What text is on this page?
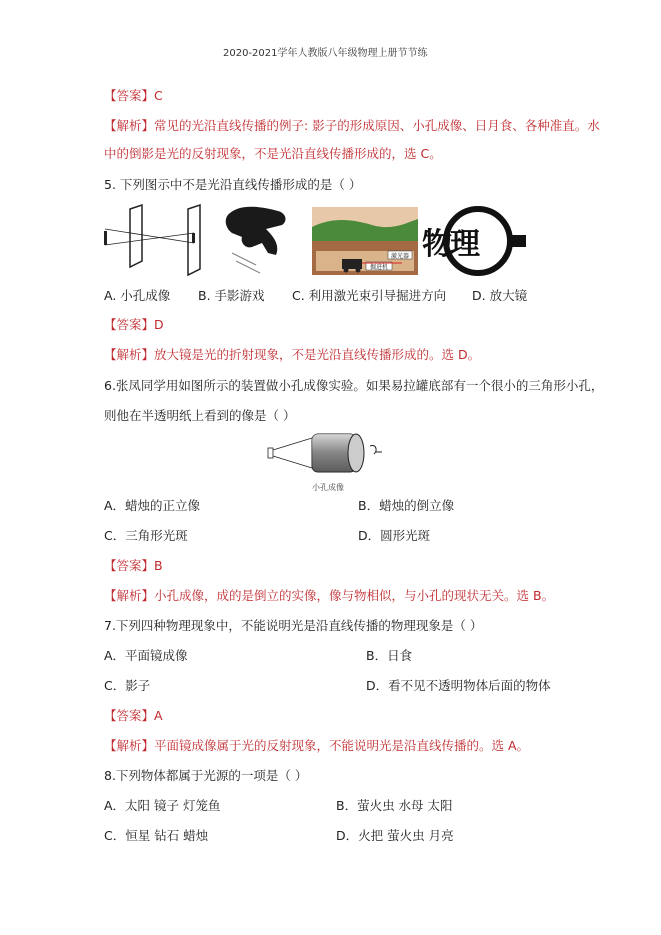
2020-2021学年人教版八年级物理上册节节练
【答案】C
【解析】常见的光沿直线传播的例子: 影子的形成原因、小孔成像、日月食、各种准直。水
中的倒影是光的反射现象，不是光沿直线传播形成的，选 C。
5. 下列图示中不是光沿直线传播形成的是（ ）
激光器
掘进机
物理
A. 小孔成像 B. 手影游戏 C. 利用激光束引导掘进方向 D. 放大镜
【答案】D
【解析】放大镜是光的折射现象，不是光沿直线传播形成的。选 D。
6.张凤同学用如图所示的装置做小孔成像实验。如果易拉罐底部有一个很小的三角形小孔，
则他在半透明纸上看到的像是（ ）
小孔成像
A．蜡烛的正立像	B．蜡烛的倒立像
C．三角形光斑	D．圆形光斑
【答案】B
【解析】小孔成像，成的是倒立的实像，像与物相似，与小孔的现状无关。选 B。
7.下列四种物理现象中，不能说明光是沿直线传播的物理现象是（ ）
A．平面镜成像	B．日食
C．影子	D．看不见不透明物体后面的物体
【答案】A
【解析】平面镜成像属于光的反射现象，不能说明光是沿直线传播的。选 A。
8.下列物体都属于光源的一项是（ ）
A．太阳 镜子 灯笼鱼	B．萤火虫 水母 太阳
C．恒星 钻石 蜡烛	D．火把 萤火虫 月亮
